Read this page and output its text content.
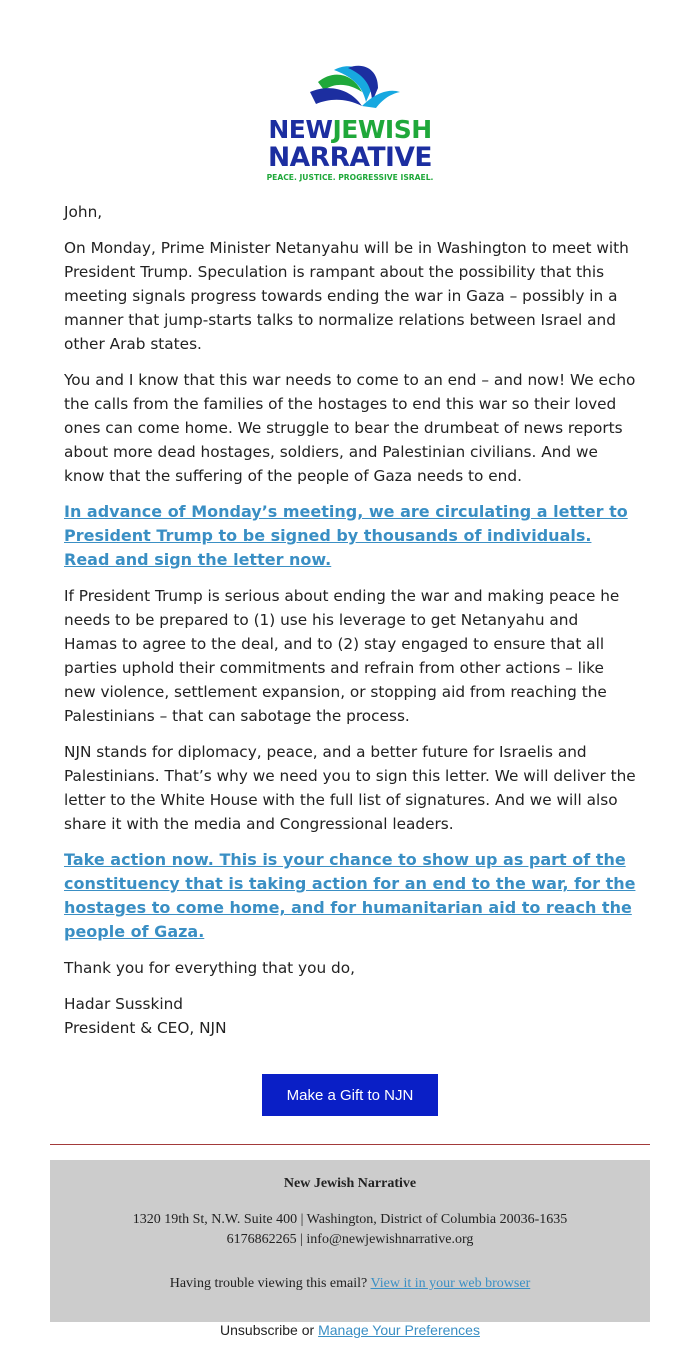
NEWJEWISH
NARRATIVE
PEACE. JUSTICE. PROGRESSIVE ISRAEL.

John,

On Monday, Prime Minister Netanyahu will be in Washington to meet with President Trump. Speculation is rampant about the possibility that this meeting signals progress towards ending the war in Gaza – possibly in a manner that jump-starts talks to normalize relations between Israel and other Arab states.

You and I know that this war needs to come to an end – and now! We echo the calls from the families of the hostages to end this war so their loved ones can come home. We struggle to bear the drumbeat of news reports about more dead hostages, soldiers, and Palestinian civilians. And we know that the suffering of the people of Gaza needs to end.

In advance of Monday’s meeting, we are circulating a letter to President Trump to be signed by thousands of individuals. Read and sign the letter now.

If President Trump is serious about ending the war and making peace he needs to be prepared to (1) use his leverage to get Netanyahu and Hamas to agree to the deal, and to (2) stay engaged to ensure that all parties uphold their commitments and refrain from other actions – like new violence, settlement expansion, or stopping aid from reaching the Palestinians – that can sabotage the process.

NJN stands for diplomacy, peace, and a better future for Israelis and Palestinians. That’s why we need you to sign this letter. We will deliver the letter to the White House with the full list of signatures. And we will also share it with the media and Congressional leaders.

Take action now. This is your chance to show up as part of the constituency that is taking action for an end to the war, for the hostages to come home, and for humanitarian aid to reach the people of Gaza.

Thank you for everything that you do,

Hadar Susskind
President & CEO, NJN

Make a Gift to NJN
New Jewish Narrative
1320 19th St, N.W. Suite 400 | Washington, District of Columbia 20036-1635
6176862265 | info@newjewishnarrative.org
Having trouble viewing this email? View it in your web browser
Unsubscribe or Manage Your Preferences
